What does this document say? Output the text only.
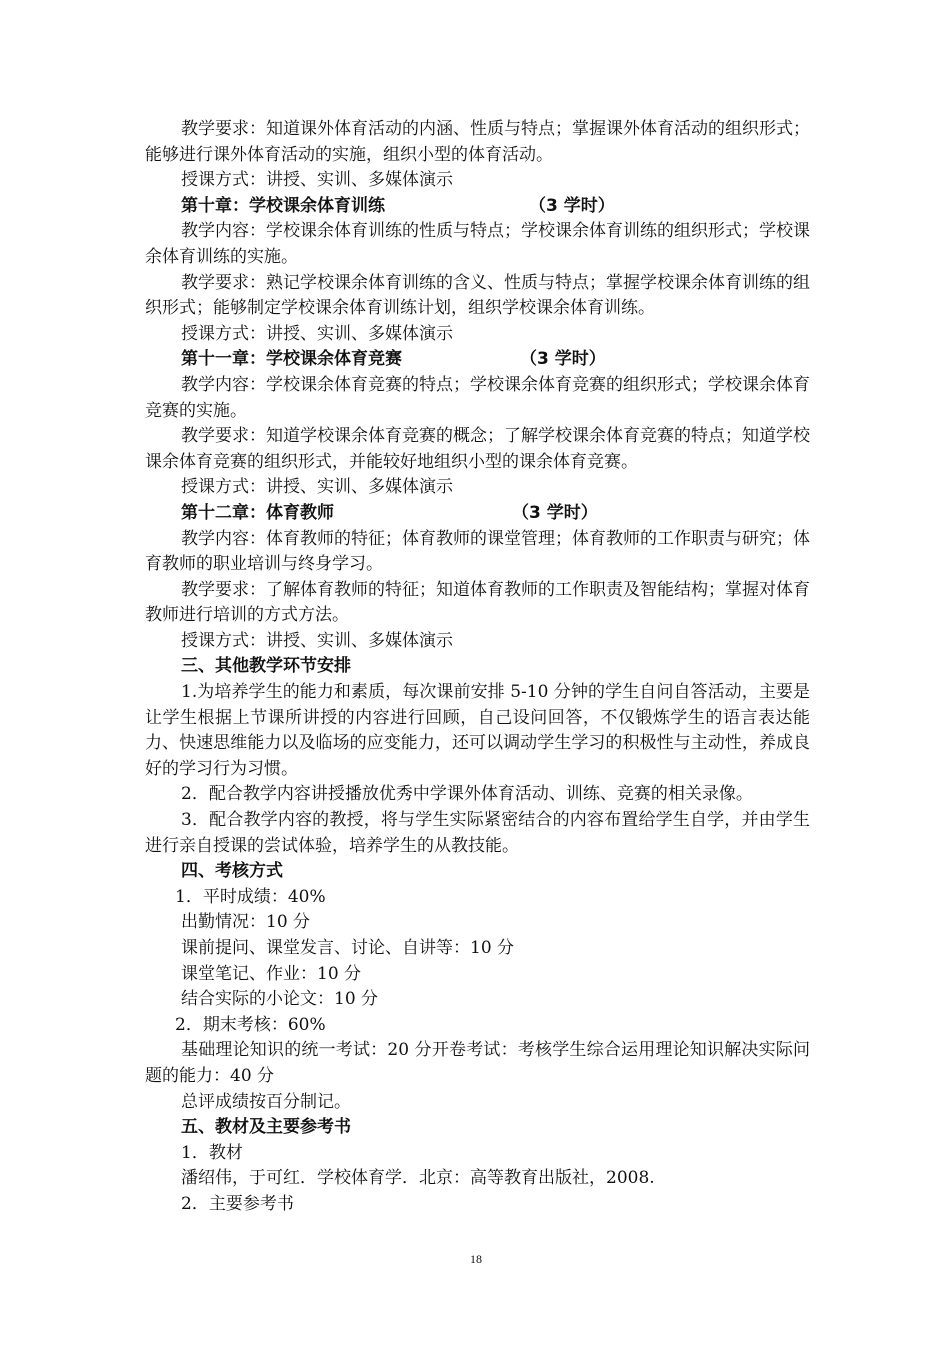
教学要求：知道课外体育活动的内涵、性质与特点；掌握课外体育活动的组织形式；能够进行课外体育活动的实施，组织小型的体育活动。

授课方式：讲授、实训、多媒体演示

第十章：学校课余体育训练	（3 学时）

教学内容：学校课余体育训练的性质与特点；学校课余体育训练的组织形式；学校课余体育训练的实施。

教学要求：熟记学校课余体育训练的含义、性质与特点；掌握学校课余体育训练的组织形式；能够制定学校课余体育训练计划，组织学校课余体育训练。

授课方式：讲授、实训、多媒体演示

第十一章：学校课余体育竞赛	（3 学时）

教学内容：学校课余体育竞赛的特点；学校课余体育竞赛的组织形式；学校课余体育竞赛的实施。

教学要求：知道学校课余体育竞赛的概念；了解学校课余体育竞赛的特点；知道学校课余体育竞赛的组织形式，并能较好地组织小型的课余体育竞赛。

授课方式：讲授、实训、多媒体演示

第十二章：体育教师	（3 学时）

教学内容：体育教师的特征；体育教师的课堂管理；体育教师的工作职责与研究；体育教师的职业培训与终身学习。

教学要求：了解体育教师的特征；知道体育教师的工作职责及智能结构；掌握对体育教师进行培训的方式方法。

授课方式：讲授、实训、多媒体演示

三、其他教学环节安排

1.为培养学生的能力和素质，每次课前安排 5-10 分钟的学生自问自答活动，主要是让学生根据上节课所讲授的内容进行回顾，自己设问回答，不仅锻炼学生的语言表达能力、快速思维能力以及临场的应变能力，还可以调动学生学习的积极性与主动性，养成良好的学习行为习惯。

2．配合教学内容讲授播放优秀中学课外体育活动、训练、竞赛的相关录像。

3．配合教学内容的教授，将与学生实际紧密结合的内容布置给学生自学，并由学生进行亲自授课的尝试体验，培养学生的从教技能。

四、考核方式

1．平时成绩：40%

出勤情况：10 分

课前提问、课堂发言、讨论、自讲等：10 分

课堂笔记、作业：10 分

结合实际的小论文：10 分

2．期末考核：60%

基础理论知识的统一考试：20 分开卷考试：考核学生综合运用理论知识解决实际问题的能力：40 分

总评成绩按百分制记。

五、教材及主要参考书

1．教材

潘绍伟，于可红．学校体育学．北京：高等教育出版社，2008.

2．主要参考书

18
